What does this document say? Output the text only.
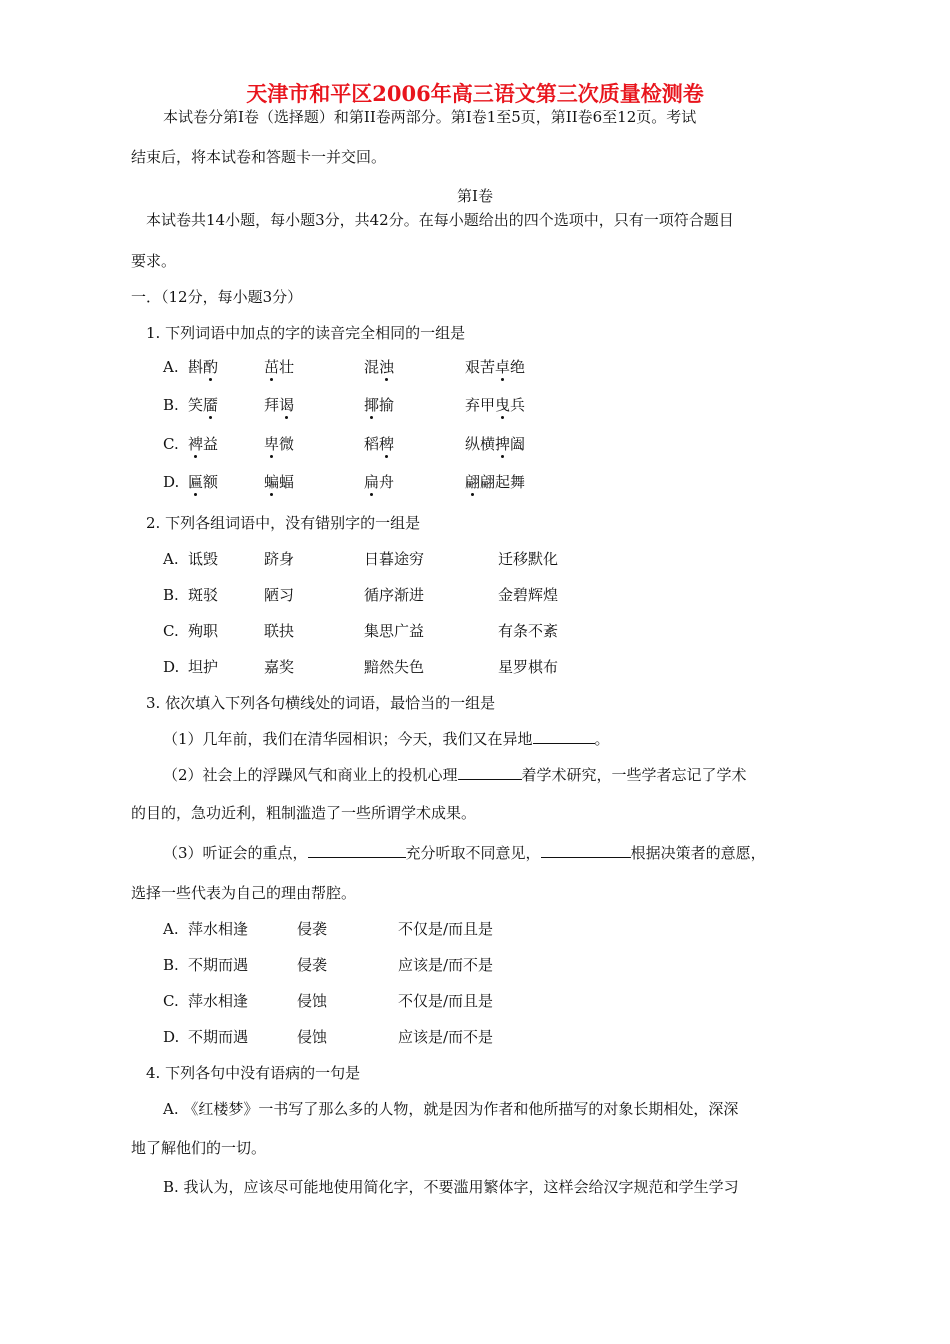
天津市和平区2006年高三语文第三次质量检测卷
本试卷分第I卷（选择题）和第II卷两部分。第I卷1至5页，第II卷6至12页。考试
结束后，将本试卷和答题卡一并交回。
第I卷
本试卷共14小题，每小题3分，共42分。在每小题给出的四个选项中，只有一项符合题目
要求。
一．（12分，每小题3分）
1. 下列词语中加点的字的读音完全相同的一组是
A. 斟酌	茁壮	混浊	艰苦卓绝
B. 笑靥	拜谒	揶揄	弃甲曳兵
C. 裨益	卑微	稻稗	纵横捭阖
D. 匾额	蝙蝠	扁舟	翩翩起舞
2. 下列各组词语中，没有错别字的一组是
A. 诋毁	跻身	日暮途穷	迁移默化
B. 斑驳	陋习	循序渐进	金碧辉煌
C. 殉职	联抉	集思广益	有条不紊
D. 坦护	嘉奖	黯然失色	星罗棋布
3. 依次填入下列各句横线处的词语，最恰当的一组是
（1）几年前，我们在清华园相识；今天，我们又在异地	。
（2）社会上的浮躁风气和商业上的投机心理	着学术研究，一些学者忘记了学术
的目的，急功近利，粗制滥造了一些所谓学术成果。
（3）听证会的重点，	充分听取不同意见，	根据决策者的意愿，
选择一些代表为自己的理由帮腔。
A. 萍水相逢	侵袭	不仅是/而且是
B. 不期而遇	侵袭	应该是/而不是
C. 萍水相逢	侵蚀	不仅是/而且是
D. 不期而遇	侵蚀	应该是/而不是
4. 下列各句中没有语病的一句是
A. 《红楼梦》一书写了那么多的人物，就是因为作者和他所描写的对象长期相处，深深
地了解他们的一切。
B. 我认为，应该尽可能地使用简化字，不要滥用繁体字，这样会给汉字规范和学生学习
